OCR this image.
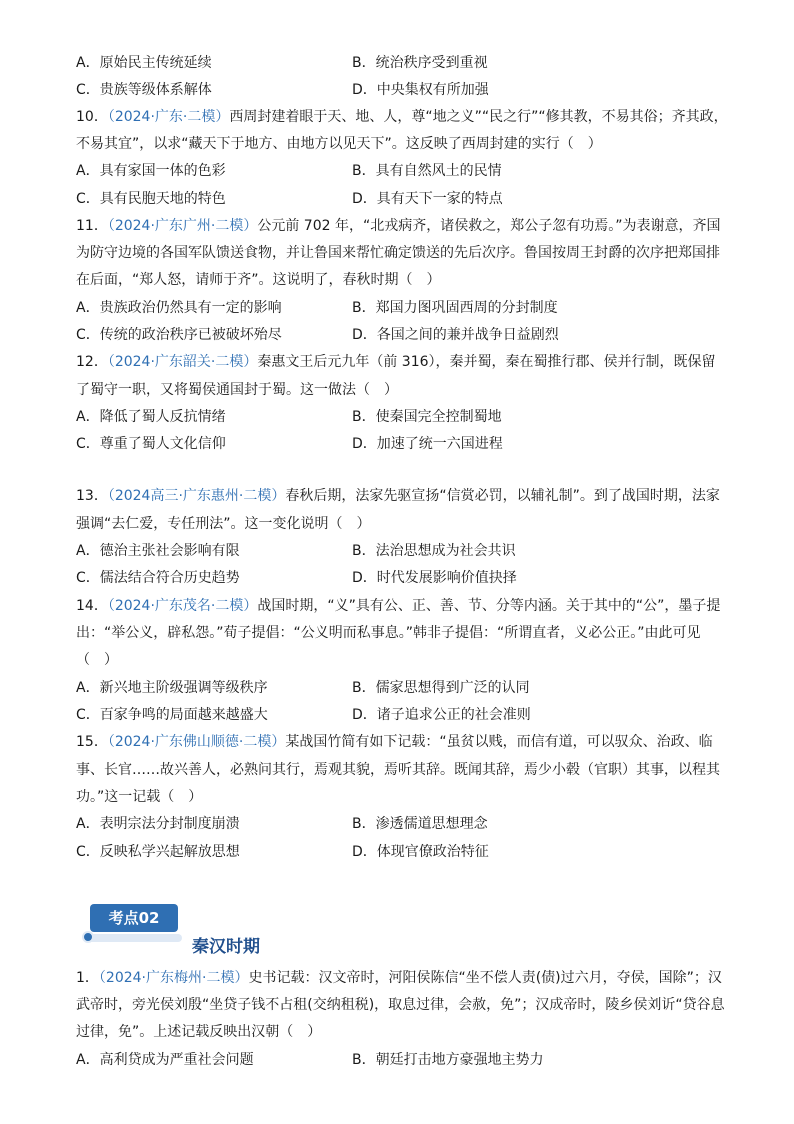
A．原始民主传统延续	B．统治秩序受到重视
C．贵族等级体系解体	D．中央集权有所加强
10．（2024·广东·二模）西周封建着眼于天、地、人，尊“地之义”“民之行”“修其教，不易其俗；齐其政，
不易其宜”，以求“藏天下于地方、由地方以见天下”。这反映了西周封建的实行（　）
A．具有家国一体的色彩	B．具有自然风土的民情
C．具有民胞天地的特色	D．具有天下一家的特点
11．（2024·广东广州·二模）公元前 702 年，“北戎病齐，诸侯救之，郑公子忽有功焉。”为表谢意，齐国
为防守边境的各国军队馈送食物，并让鲁国来帮忙确定馈送的先后次序。鲁国按周王封爵的次序把郑国排
在后面，“郑人怒，请师于齐”。这说明了，春秋时期（　）
A．贵族政治仍然具有一定的影响	B．郑国力图巩固西周的分封制度
C．传统的政治秩序已被破坏殆尽	D．各国之间的兼并战争日益剧烈
12．（2024·广东韶关·二模）秦惠文王后元九年（前 316），秦并蜀，秦在蜀推行郡、侯并行制，既保留
了蜀守一职，又将蜀侯通国封于蜀。这一做法（　）
A．降低了蜀人反抗情绪	B．使秦国完全控制蜀地
C．尊重了蜀人文化信仰	D．加速了统一六国进程
13．（2024高三·广东惠州·二模）春秋后期，法家先驱宣扬“信赏必罚，以辅礼制”。到了战国时期，法家
强调“去仁爱，专任刑法”。这一变化说明（　）
A．德治主张社会影响有限	B．法治思想成为社会共识
C．儒法结合符合历史趋势	D．时代发展影响价值抉择
14．（2024·广东茂名·二模）战国时期，“义”具有公、正、善、节、分等内涵。关于其中的“公”，墨子提
出：“举公义，辟私怨。”荀子提倡：“公义明而私事息。”韩非子提倡：“所谓直者，义必公正。”由此可见
（　）
A．新兴地主阶级强调等级秩序	B．儒家思想得到广泛的认同
C．百家争鸣的局面越来越盛大	D．诸子追求公正的社会准则
15．（2024·广东佛山顺德·二模）某战国竹简有如下记载：“虽贫以贱，而信有道，可以驭众、治政、临
事、长官……故兴善人，必熟问其行，焉观其貌，焉听其辞。既闻其辞，焉少小毂（官职）其事，以程其
功。”这一记载（　）
A．表明宗法分封制度崩溃	B．渗透儒道思想理念
C．反映私学兴起解放思想	D．体现官僚政治特征
考点02
秦汉时期
1．（2024·广东梅州·二模）史书记载：汉文帝时，河阳侯陈信“坐不偿人责(债)过六月，夺侯，国除”；汉
武帝时，旁光侯刘殷“坐贷子钱不占租(交纳租税)，取息过律，会赦，免”；汉成帝时，陵乡侯刘䜣“贷谷息
过律，免”。上述记载反映出汉朝（　）
A．高利贷成为严重社会问题	B．朝廷打击地方豪强地主势力
